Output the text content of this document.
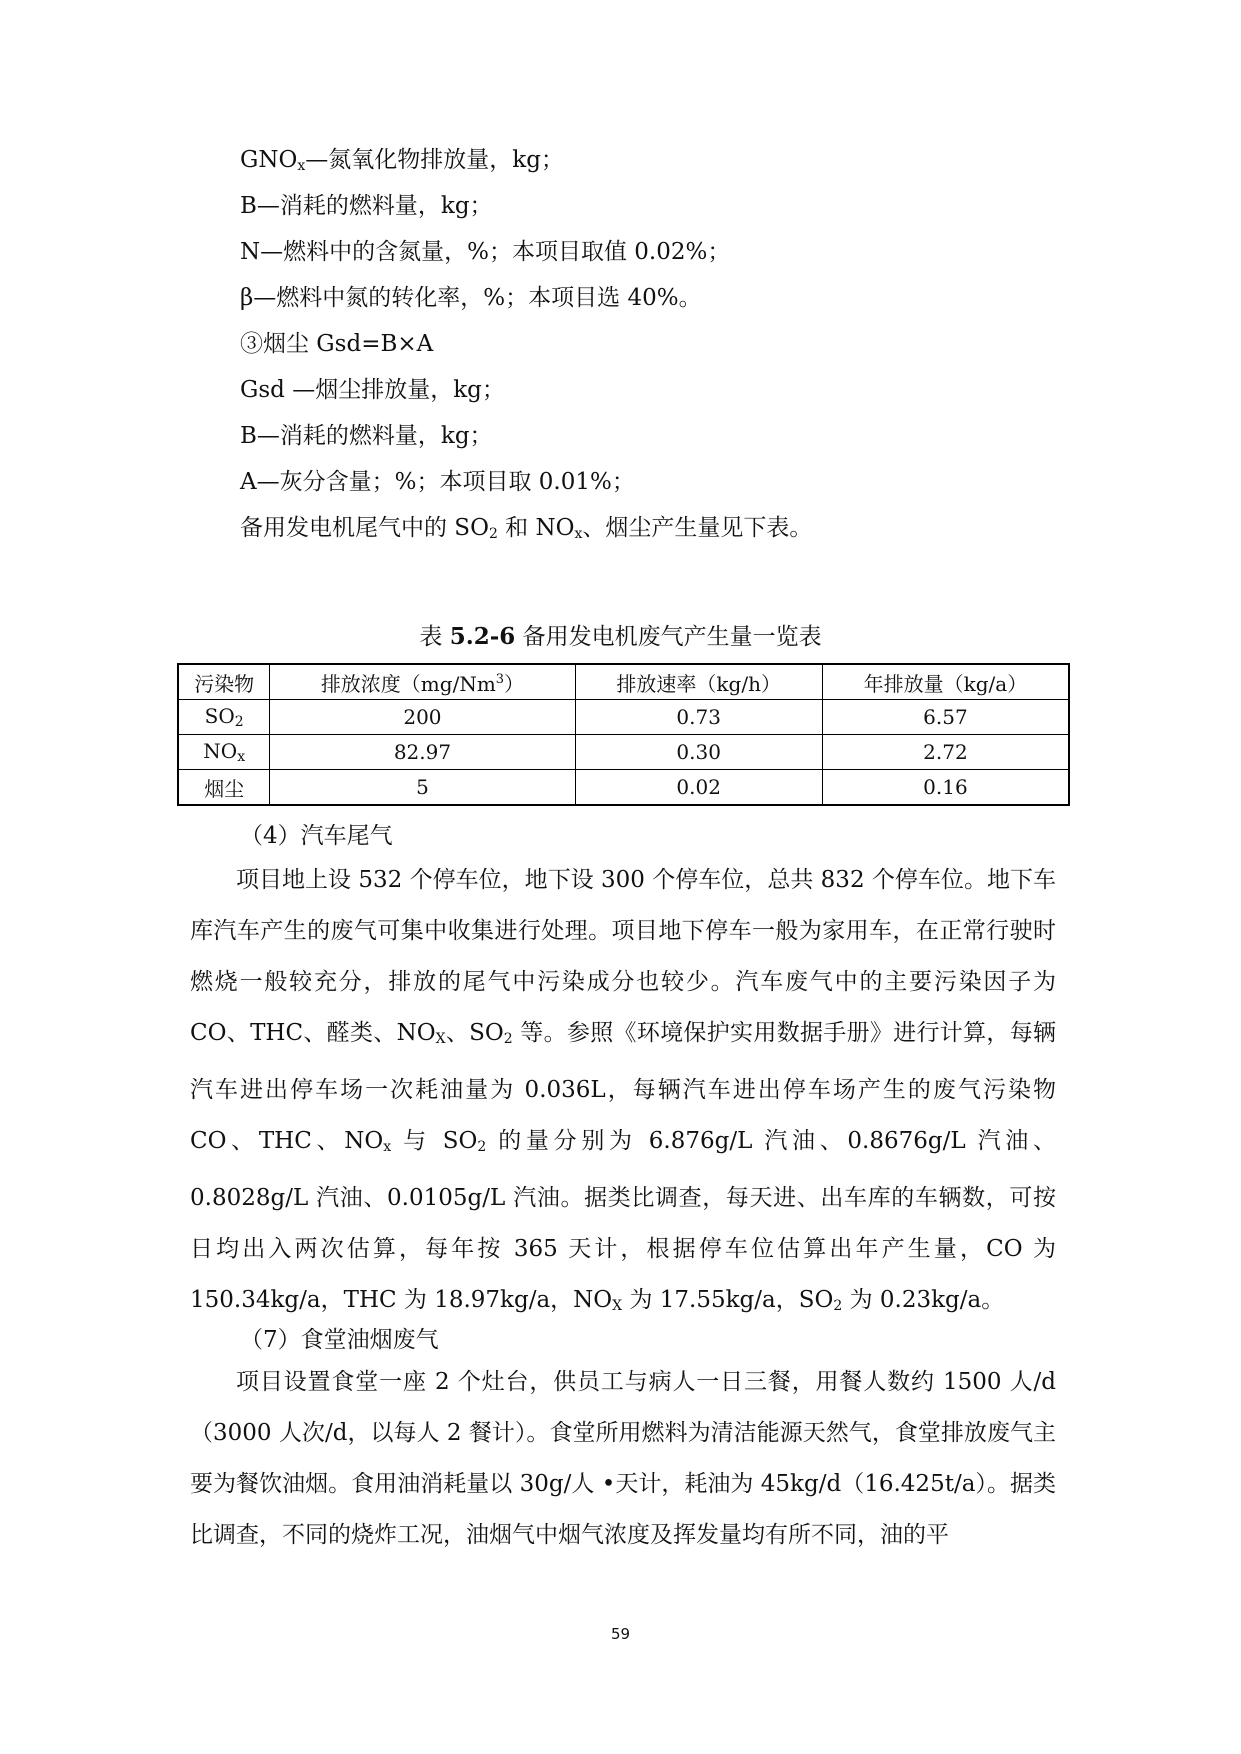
$GNO_x—$氮氧化物排放量，kg；
B—消耗的燃料量，kg；
N—燃料中的含氮量，%；本项目取值 0.02%；
β—燃料中氮的转化率，%；本项目选 40%。
③烟尘 Gsd=B×A
Gsd —烟尘排放量，kg；
B—消耗的燃料量，kg；
A—灰分含量；%；本项目取 0.01%；
备用发电机尾气中的 $SO_2$ 和 $NO_x$、烟尘产生量见下表。
表 5.2-6 备用发电机废气产生量一览表
污染物	排放浓度（mg/Nm$^3$）	排放速率（kg/h）	年排放量（kg/a）
$SO_2$	200	0.73	6.57
$NO_x$	82.97	0.30	2.72
烟尘	5	0.02	0.16
（4）汽车尾气
项目地上设 532 个停车位，地下设 300 个停车位，总共 832 个停车位。地下车库汽车产生的废气可集中收集进行处理。项目地下停车一般为家用车，在正常行驶时燃烧一般较充分，排放的尾气中污染成分也较少。汽车废气中的主要污染因子为 CO、THC、醛类、$NO_X$、$SO_2$ 等。参照《环境保护实用数据手册》进行计算，每辆汽车进出停车场一次耗油量为 0.036L，每辆汽车进出停车场产生的废气污染物 CO、THC、$NO_x$ 与 $SO_2$ 的量分别为 6.876g/L 汽油、0.8676g/L 汽油、0.8028g/L 汽油、0.0105g/L 汽油。据类比调查，每天进、出车库的车辆数，可按日均出入两次估算，每年按 365 天计，根据停车位估算出年产生量，CO 为 150.34kg/a，THC 为 18.97kg/a，$NO_X$ 为 17.55kg/a，$SO_2$ 为 0.23kg/a。
（7）食堂油烟废气
项目设置食堂一座 2 个灶台，供员工与病人一日三餐，用餐人数约 1500 人/d（3000 人次/d，以每人 2 餐计）。食堂所用燃料为清洁能源天然气，食堂排放废气主要为餐饮油烟。食用油消耗量以 30g/人 •天计，耗油为 45kg/d（16.425t/a）。据类比调查，不同的烧炸工况，油烟气中烟气浓度及挥发量均有所不同，油的平
59
